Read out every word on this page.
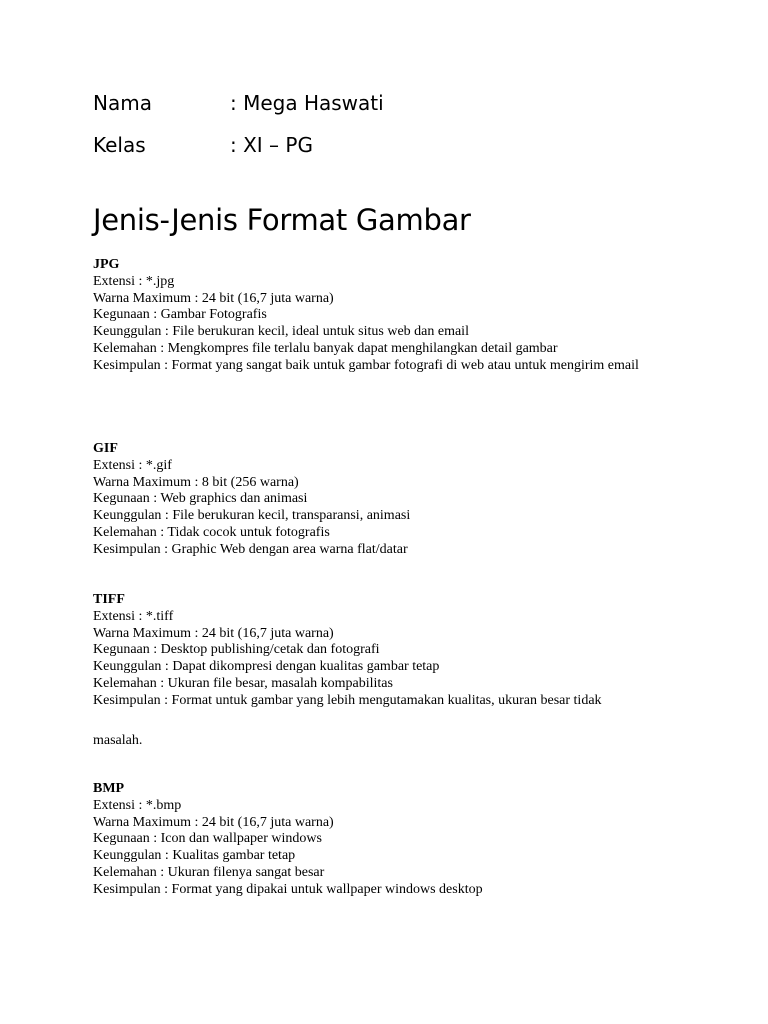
Nama	: Mega Haswati
Kelas	: XI – PG
Jenis-Jenis Format Gambar
JPG
Extensi : *.jpg
Warna Maximum : 24 bit (16,7 juta warna)
Kegunaan : Gambar Fotografis
Keunggulan : File berukuran kecil, ideal untuk situs web dan email
Kelemahan : Mengkompres file terlalu banyak dapat menghilangkan detail gambar
Kesimpulan : Format yang sangat baik untuk gambar fotografi di web atau untuk mengirim email
GIF
Extensi : *.gif
Warna Maximum : 8 bit (256 warna)
Kegunaan : Web graphics dan animasi
Keunggulan : File berukuran kecil, transparansi, animasi
Kelemahan : Tidak cocok untuk fotografis
Kesimpulan : Graphic Web dengan area warna flat/datar
TIFF
Extensi : *.tiff
Warna Maximum : 24 bit (16,7 juta warna)
Kegunaan : Desktop publishing/cetak dan fotografi
Keunggulan : Dapat dikompresi dengan kualitas gambar tetap
Kelemahan : Ukuran file besar, masalah kompabilitas
Kesimpulan : Format untuk gambar yang lebih mengutamakan kualitas, ukuran besar tidak
masalah.
BMP
Extensi : *.bmp
Warna Maximum : 24 bit (16,7 juta warna)
Kegunaan : Icon dan wallpaper windows
Keunggulan : Kualitas gambar tetap
Kelemahan : Ukuran filenya sangat besar
Kesimpulan : Format yang dipakai untuk wallpaper windows desktop
